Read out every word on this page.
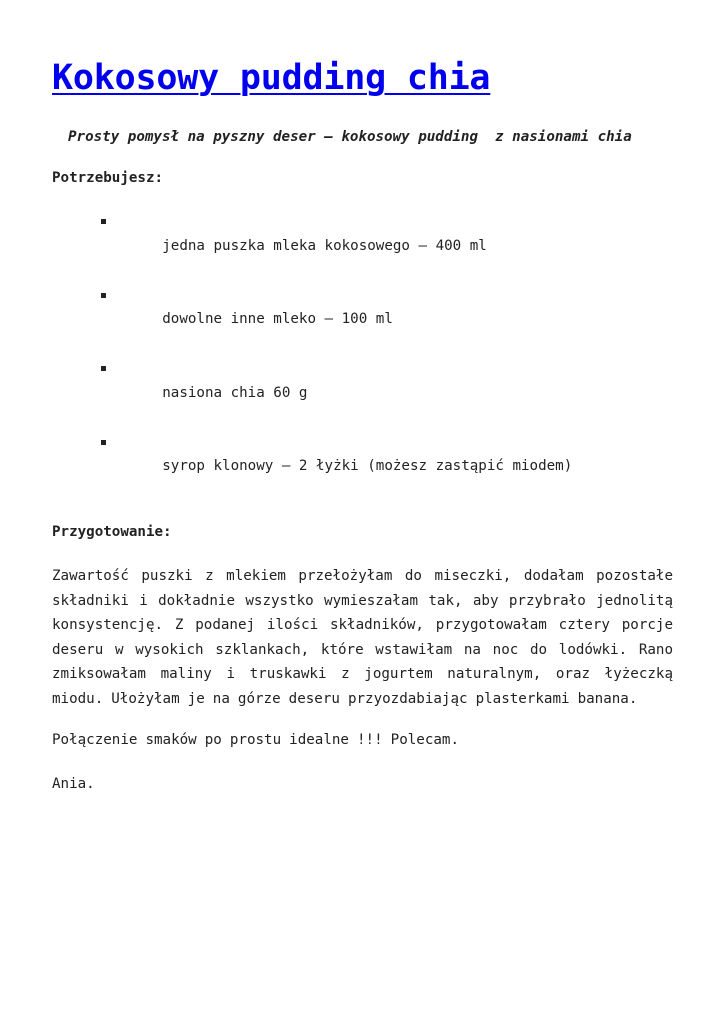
Kokosowy pudding chia

Prosty pomysł na pyszny deser – kokosowy pudding  z nasionami chia

Potrzebujesz:

jedna puszka mleka kokosowego – 400 ml

dowolne inne mleko – 100 ml

nasiona chia 60 g

syrop klonowy – 2 łyżki (możesz zastąpić miodem)

Przygotowanie:

Zawartość puszki z mlekiem przełożyłam do miseczki, dodałam pozostałe składniki i dokładnie wszystko wymieszałam tak, aby przybrało jednolitą konsystencję. Z podanej ilości składników, przygotowałam cztery porcje deseru w wysokich szklankach, które wstawiłam na noc do lodówki. Rano zmiksowałam maliny i truskawki z jogurtem naturalnym, oraz łyżeczką miodu. Ułożyłam je na górze deseru przyozdabiając plasterkami banana.

Połączenie smaków po prostu idealne !!! Polecam.

Ania.
